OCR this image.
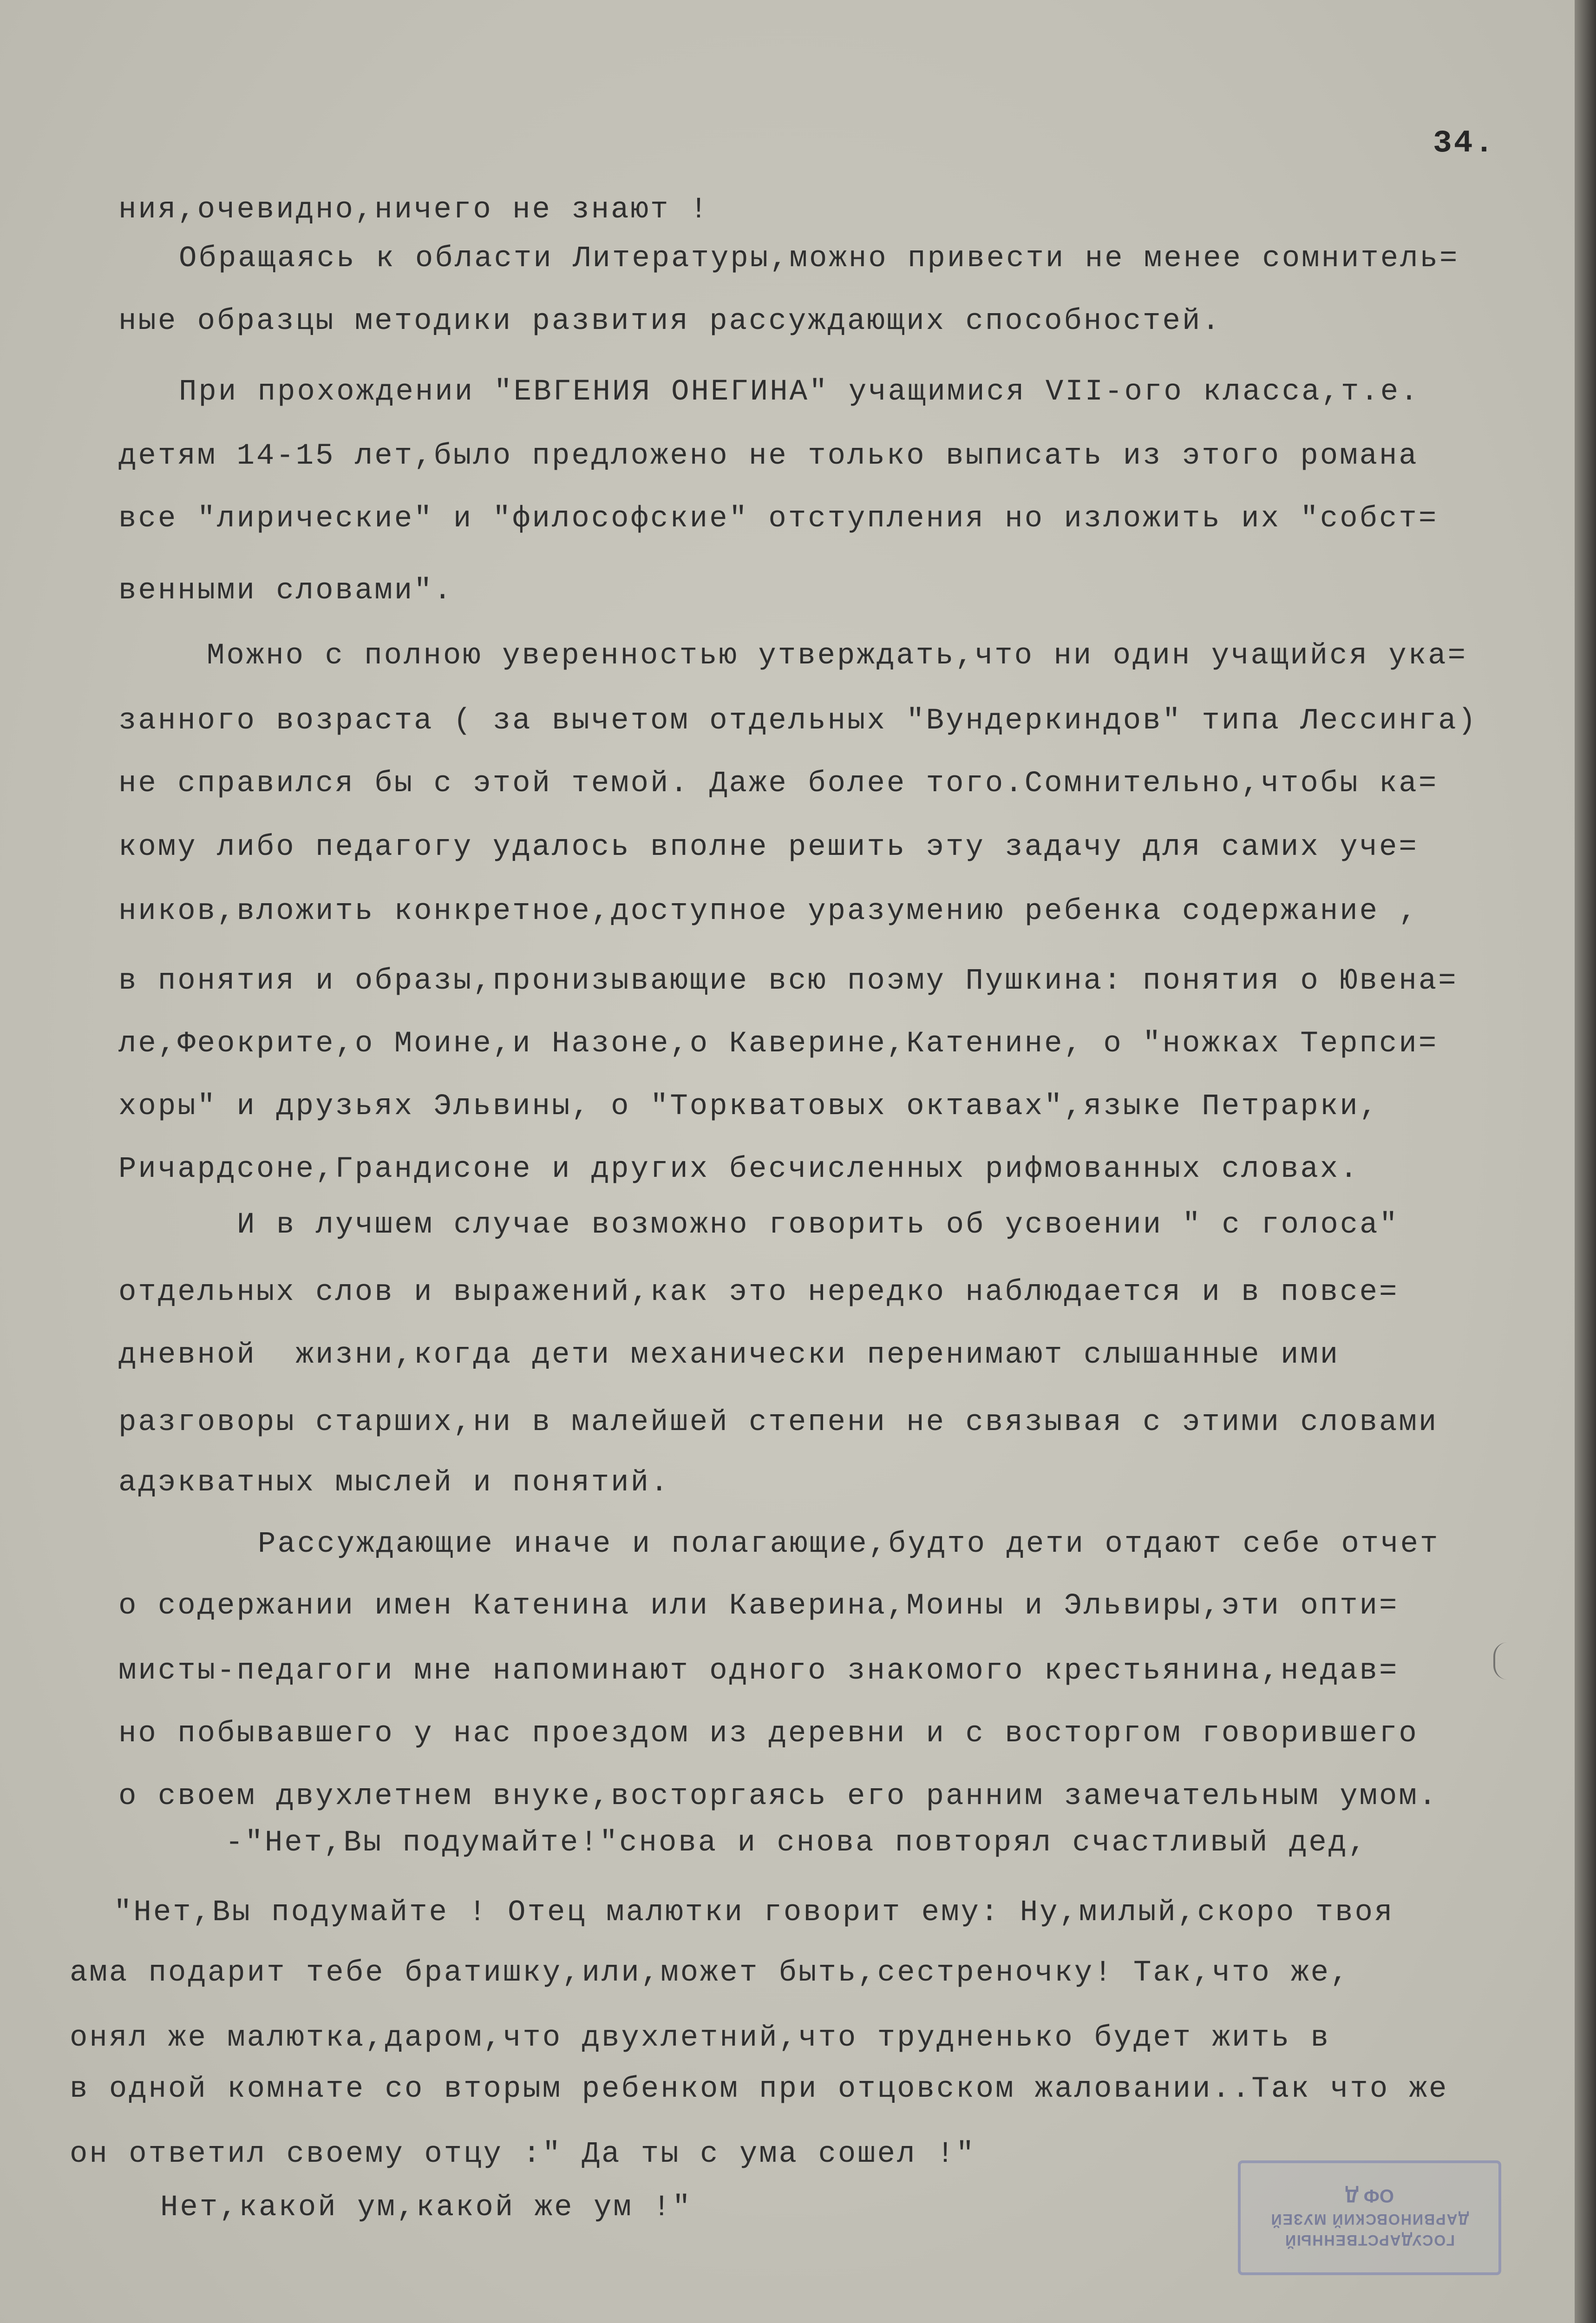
34.
ния,очевидно,ничего не знают !
Обращаясь к области Литературы,можно привести не менее сомнитель=
ные образцы методики развития рассуждающих способностей.
При прохождении "ЕВГЕНИЯ ОНЕГИНА" учащимися VII-ого класса,т.е.
детям 14-15 лет,было предложено не только выписать из этого романа
все "лирические" и "философские" отступления но изложить их "собст=
венными словами".
Можно с полною уверенностью утверждать,что ни один учащийся ука=
занного возраста ( за вычетом отдельных "Вундеркиндов" типа Лессинга)
не справился бы с этой темой. Даже более того.Сомнительно,чтобы ка=
кому либо педагогу удалось вполне решить эту задачу для самих уче=
ников,вложить конкретное,доступное уразумению ребенка содержание ,
в понятия и образы,пронизывающие всю поэму Пушкина: понятия о Ювена=
ле,Феокрите,о Моине,и Назоне,о Каверине,Катенине, о "ножках Терпси=
хоры" и друзьях Эльвины, о "Торкватовых октавах",языке Петрарки,
Ричардсоне,Грандисоне и других бесчисленных рифмованных словах.
И в лучшем случае возможно говорить об усвоении " с голоса"
отдельных слов и выражений,как это нередко наблюдается и в повсе=
дневной  жизни,когда дети механически перенимают слышанные ими
разговоры старших,ни в малейшей степени не связывая с этими словами
адэкватных мыслей и понятий.
Рассуждающие иначе и полагающие,будто дети отдают себе отчет
о содержании имен Катенина или Каверина,Моины и Эльвиры,эти опти=
мисты-педагоги мне напоминают одного знакомого крестьянина,недав=
но побывавшего у нас проездом из деревни и с восторгом говорившего
о своем двухлетнем внуке,восторгаясь его ранним замечательным умом.
-"Нет,Вы подумайте!"снова и снова повторял счастливый дед,
"Нет,Вы подумайте ! Отец малютки говорит ему: Ну,милый,скоро твоя
ама подарит тебе братишку,или,может быть,сестреночку! Так,что же,
онял же малютка,даром,что двухлетний,что трудненько будет жить в
в одной комнате со вторым ребенком при отцовском жаловании..Так что же
он ответил своему отцу :" Да ты с ума сошел !"
Нет,какой ум,какой же ум !"
ГОСУДАРСТВЕННЫЙ
ДАРВИНОВСКИЙ МУЗЕЙ
ОФ Д
